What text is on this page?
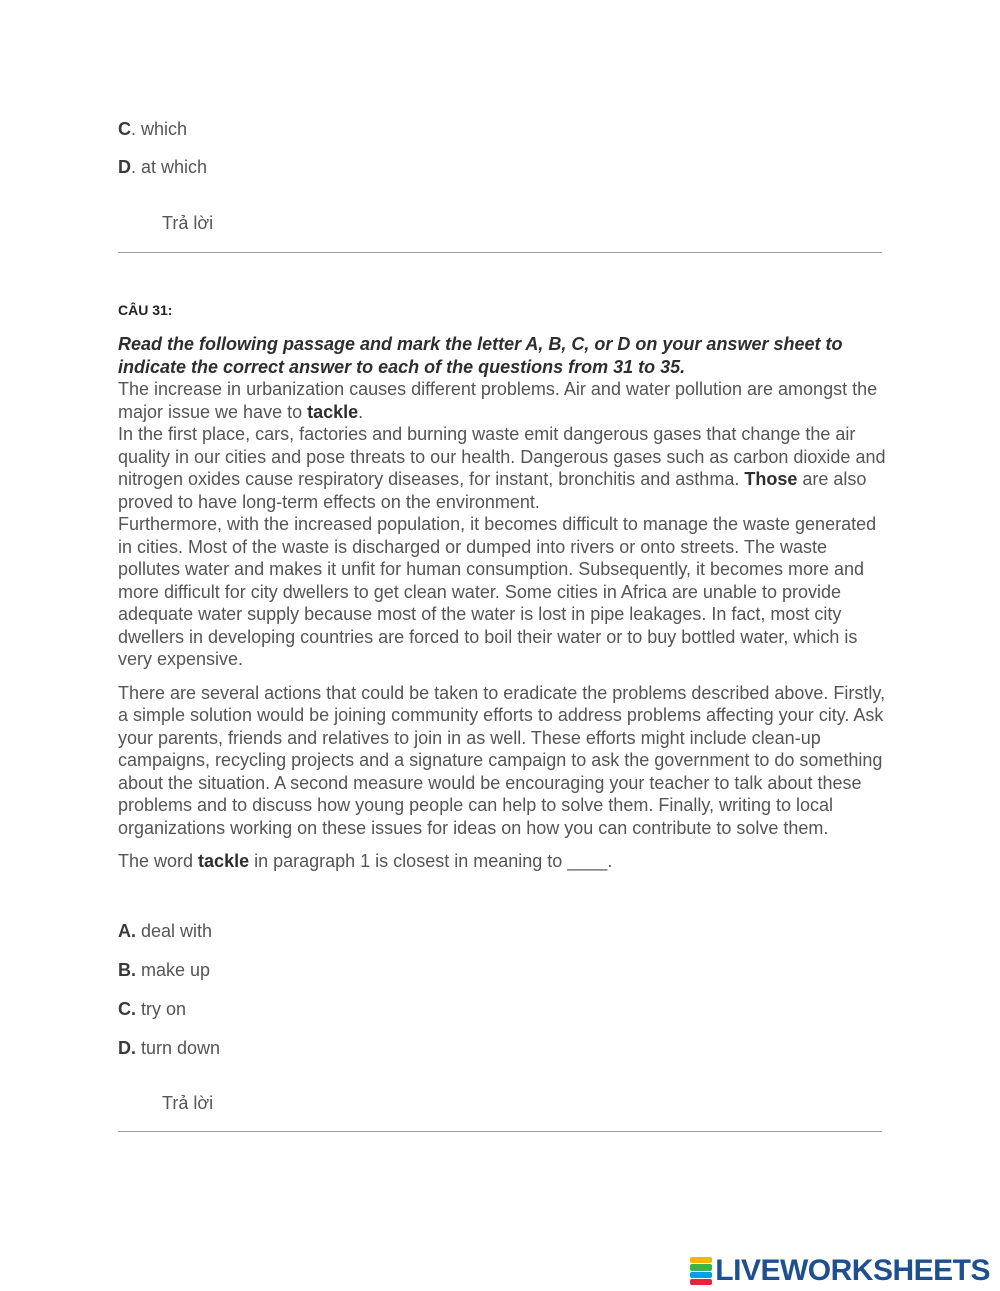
C. which
D. at which
Trả lời
CÂU 31:

Read the following passage and mark the letter A, B, C, or D on your answer sheet to indicate the correct answer to each of the questions from 31 to 35.

The increase in urbanization causes different problems. Air and water pollution are amongst the major issue we have to tackle.

In the first place, cars, factories and burning waste emit dangerous gases that change the air quality in our cities and pose threats to our health. Dangerous gases such as carbon dioxide and nitrogen oxides cause respiratory diseases, for instant, bronchitis and asthma. Those are also proved to have long-term effects on the environment.

Furthermore, with the increased population, it becomes difficult to manage the waste generated in cities. Most of the waste is discharged or dumped into rivers or onto streets. The waste pollutes water and makes it unfit for human consumption. Subsequently, it becomes more and more difficult for city dwellers to get clean water. Some cities in Africa are unable to provide adequate water supply because most of the water is lost in pipe leakages. In fact, most city dwellers in developing countries are forced to boil their water or to buy bottled water, which is very expensive.

There are several actions that could be taken to eradicate the problems described above. Firstly, a simple solution would be joining community efforts to address problems affecting your city. Ask your parents, friends and relatives to join in as well. These efforts might include clean-up campaigns, recycling projects and a signature campaign to ask the government to do something about the situation. A second measure would be encouraging your teacher to talk about these problems and to discuss how young people can help to solve them. Finally, writing to local organizations working on these issues for ideas on how you can contribute to solve them.

The word tackle in paragraph 1 is closest in meaning to ____.

A. deal with
B. make up
C. try on
D. turn down
Trả lời
LIVEWORKSHEETS
